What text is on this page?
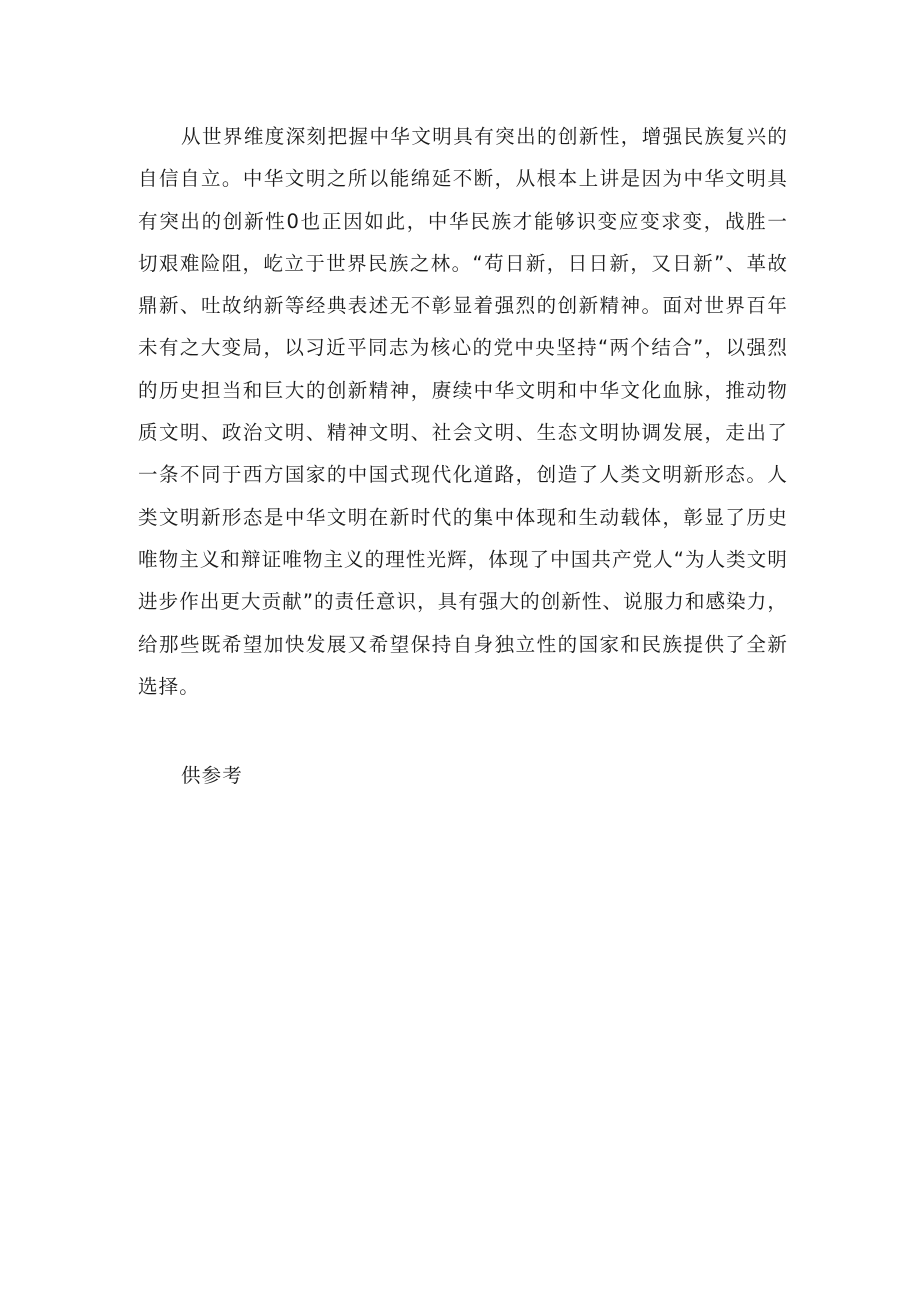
从世界维度深刻把握中华文明具有突出的创新性，增强民族复兴的自信自立。中华文明之所以能绵延不断，从根本上讲是因为中华文明具有突出的创新性0也正因如此，中华民族才能够识变应变求变，战胜一切艰难险阻，屹立于世界民族之林。“苟日新，日日新，又日新”、革故鼎新、吐故纳新等经典表述无不彰显着强烈的创新精神。面对世界百年未有之大变局，以习近平同志为核心的党中央坚持“两个结合”，以强烈的历史担当和巨大的创新精神，赓续中华文明和中华文化血脉，推动物质文明、政治文明、精神文明、社会文明、生态文明协调发展，走出了一条不同于西方国家的中国式现代化道路，创造了人类文明新形态。人类文明新形态是中华文明在新时代的集中体现和生动载体，彰显了历史唯物主义和辩证唯物主义的理性光辉，体现了中国共产党人“为人类文明进步作出更大贡献”的责任意识，具有强大的创新性、说服力和感染力，给那些既希望加快发展又希望保持自身独立性的国家和民族提供了全新选择。

供参考
